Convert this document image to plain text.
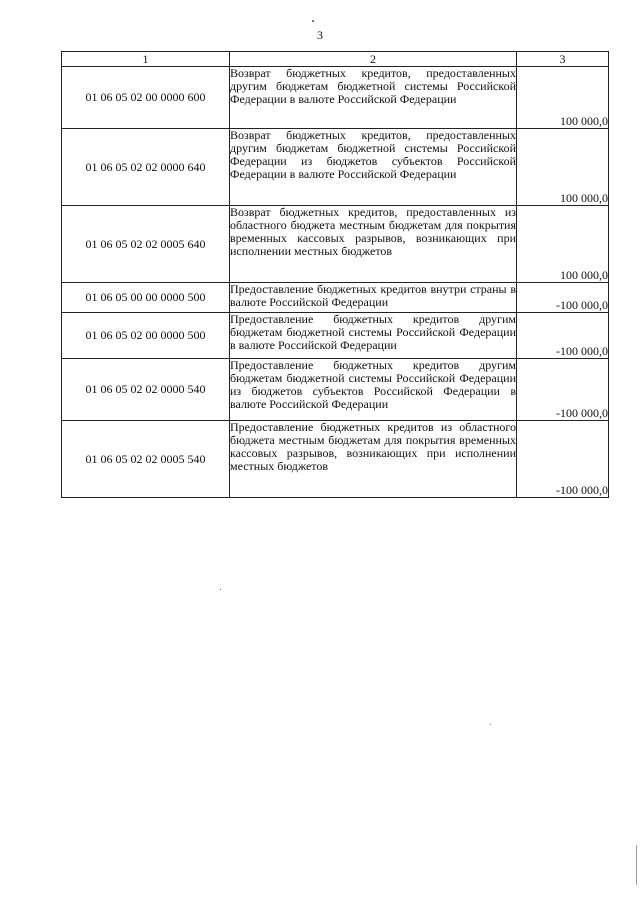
3
1	2	3
01 06 05 02 00 0000 600	Возврат бюджетных кредитов, предоставленных другим бюджетам бюджетной системы Российской Федерации в валюте Российской Федерации	100 000,0
01 06 05 02 02 0000 640	Возврат бюджетных кредитов, предоставленных другим бюджетам бюджетной системы Российской Федерации из бюджетов субъектов Российской Федерации в валюте Российской Федерации	100 000,0
01 06 05 02 02 0005 640	Возврат бюджетных кредитов, предоставленных из областного бюджета местным бюджетам для покрытия временных кассовых разрывов, возникающих при исполнении местных бюджетов	100 000,0
01 06 05 00 00 0000 500	Предоставление бюджетных кредитов внутри страны в валюте Российской Федерации	-100 000,0
01 06 05 02 00 0000 500	Предоставление бюджетных кредитов другим бюджетам бюджетной системы Российской Федерации в валюте Российской Федерации	-100 000,0
01 06 05 02 02 0000 540	Предоставление бюджетных кредитов другим бюджетам бюджетной системы Российской Федерации из бюджетов субъектов Российской Федерации в валюте Российской Федерации	-100 000,0
01 06 05 02 02 0005 540	Предоставление бюджетных кредитов из областного бюджета местным бюджетам для покрытия временных кассовых разрывов, возникающих при исполнении местных бюджетов	-100 000,0
